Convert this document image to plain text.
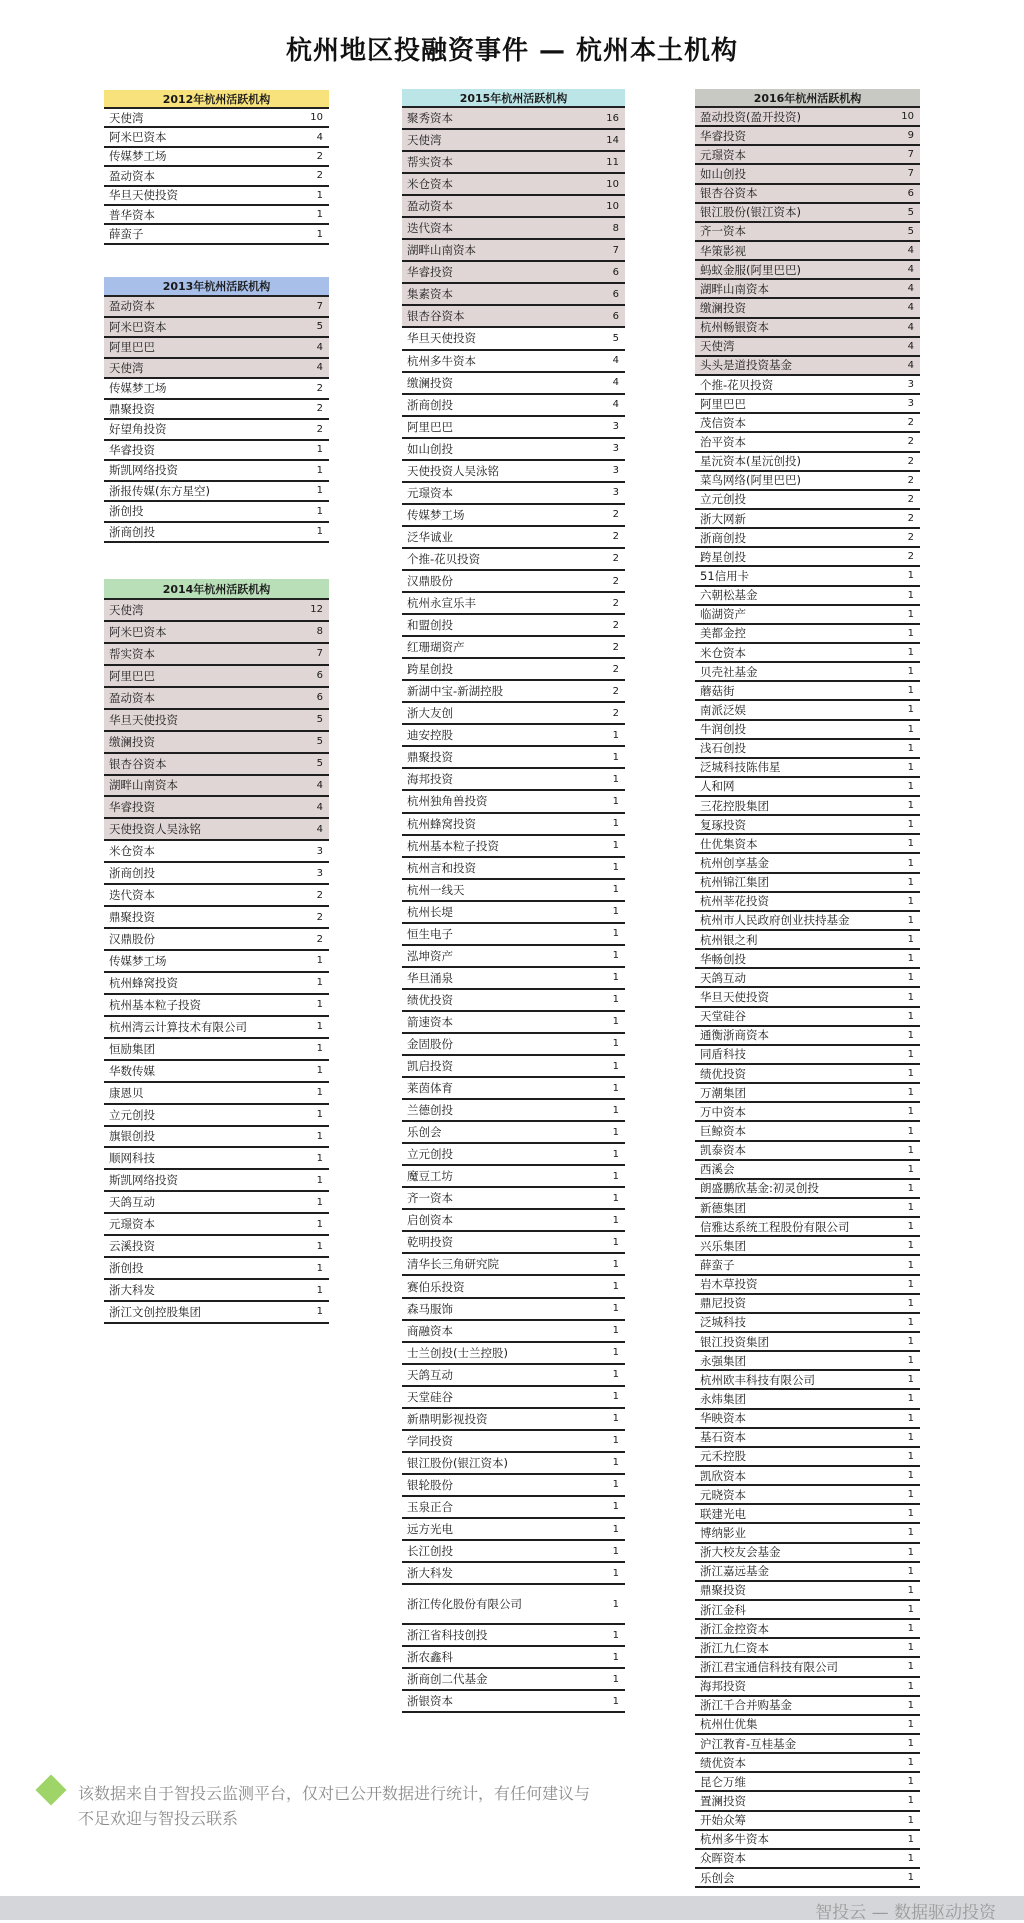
杭州地区投融资事件 — 杭州本土机构
2012年杭州活跃机构
天使湾	10
阿米巴资本	4
传媒梦工场	2
盈动资本	2
华旦天使投资	1
普华资本	1
薛蛮子	1
2013年杭州活跃机构
盈动资本	7
阿米巴资本	5
阿里巴巴	4
天使湾	4
传媒梦工场	2
鼎聚投资	2
好望角投资	2
华睿投资	1
斯凯网络投资	1
浙报传媒(东方星空)	1
浙创投	1
浙商创投	1
2014年杭州活跃机构
天使湾	12
阿米巴资本	8
帮实资本	7
阿里巴巴	6
盈动资本	6
华旦天使投资	5
缴澜投资	5
银杏谷资本	5
湖畔山南资本	4
华睿投资	4
天使投资人吴泳铭	4
米仓资本	3
浙商创投	3
迭代资本	2
鼎聚投资	2
汉鼎股份	2
传媒梦工场	1
杭州蜂窝投资	1
杭州基本粒子投资	1
杭州湾云计算技术有限公司	1
恒励集团	1
华数传媒	1
康恩贝	1
立元创投	1
旗银创投	1
顺网科技	1
斯凯网络投资	1
天鸽互动	1
元璟资本	1
云溪投资	1
浙创投	1
浙大科发	1
浙江文创控股集团	1
2015年杭州活跃机构
聚秀资本	16
天使湾	14
帮实资本	11
米仓资本	10
盈动资本	10
迭代资本	8
湖畔山南资本	7
华睿投资	6
集素资本	6
银杏谷资本	6
华旦天使投资	5
杭州多牛资本	4
缴澜投资	4
浙商创投	4
阿里巴巴	3
如山创投	3
天使投资人吴泳铭	3
元璟资本	3
传媒梦工场	2
泛华诚业	2
个推-花贝投资	2
汉鼎股份	2
杭州永宣乐丰	2
和盟创投	2
红珊瑚资产	2
跨星创投	2
新湖中宝-新湖控股	2
浙大友创	2
迪安控股	1
鼎聚投资	1
海邦投资	1
杭州独角兽投资	1
杭州蜂窝投资	1
杭州基本粒子投资	1
杭州言和投资	1
杭州一线天	1
杭州长堤	1
恒生电子	1
泓坤资产	1
华旦涌泉	1
绩优投资	1
箭速资本	1
金固股份	1
凯启投资	1
莱茵体育	1
兰德创投	1
乐创会	1
立元创投	1
魔豆工坊	1
齐一资本	1
启创资本	1
乾明投资	1
清华长三角研究院	1
赛伯乐投资	1
森马服饰	1
商融资本	1
士兰创投(士兰控股)	1
天鸽互动	1
天堂硅谷	1
新鼎明影视投资	1
学同投资	1
银江股份(银江资本)	1
银轮股份	1
玉泉正合	1
远方光电	1
长江创投	1
浙大科发	1
浙江传化股份有限公司	1
浙江省科技创投	1
浙农鑫科	1
浙商创二代基金	1
浙银资本	1
2016年杭州活跃机构
盈动投资(盈开投资)	10
华睿投资	9
元璟资本	7
如山创投	7
银杏谷资本	6
银江股份(银江资本)	5
齐一资本	5
华策影视	4
蚂蚁金服(阿里巴巴)	4
湖畔山南资本	4
缴澜投资	4
杭州畅银资本	4
天使湾	4
头头是道投资基金	4
个推-花贝投资	3
阿里巴巴	3
茂信资本	2
治平资本	2
星沅资本(星沅创投)	2
菜鸟网络(阿里巴巴)	2
立元创投	2
浙大网新	2
浙商创投	2
跨星创投	2
51信用卡	1
六朝松基金	1
临湖资产	1
美都金控	1
米仓资本	1
贝壳社基金	1
蘑菇街	1
南派泛娱	1
牛润创投	1
浅石创投	1
泛城科技陈伟星	1
人和网	1
三花控股集团	1
复琢投资	1
仕优集资本	1
杭州创享基金	1
杭州锦江集团	1
杭州莘花投资	1
杭州市人民政府创业扶持基金	1
杭州银之利	1
华畅创投	1
天鸽互动	1
华旦天使投资	1
天堂硅谷	1
通衡浙商资本	1
同盾科技	1
绩优投资	1
万潮集团	1
万中资本	1
巨鲸资本	1
凯泰资本	1
西溪会	1
朗盛鹏欣基金:初灵创投	1
新德集团	1
信雅达系统工程股份有限公司	1
兴乐集团	1
薛蛮子	1
岩木草投资	1
鼎尼投资	1
泛城科技	1
银江投资集团	1
永强集团	1
杭州欧丰科技有限公司	1
永炜集团	1
华映资本	1
基石资本	1
元禾控股	1
凯欣资本	1
元晓资本	1
联建光电	1
博纳影业	1
浙大校友会基金	1
浙江嘉远基金	1
鼎聚投资	1
浙江金科	1
浙江金控资本	1
浙江九仁资本	1
浙江君宝通信科技有限公司	1
海邦投资	1
浙江千合并购基金	1
杭州仕优集	1
沪江教育-互桂基金	1
绩优资本	1
昆仑万维	1
置澜投资	1
开始众筹	1
杭州多牛资本	1
众晖资本	1
乐创会	1
该数据来自于智投云监测平台，仅对已公开数据进行统计，有任何建议与不足欢迎与智投云联系
智投云 — 数据驱动投资
